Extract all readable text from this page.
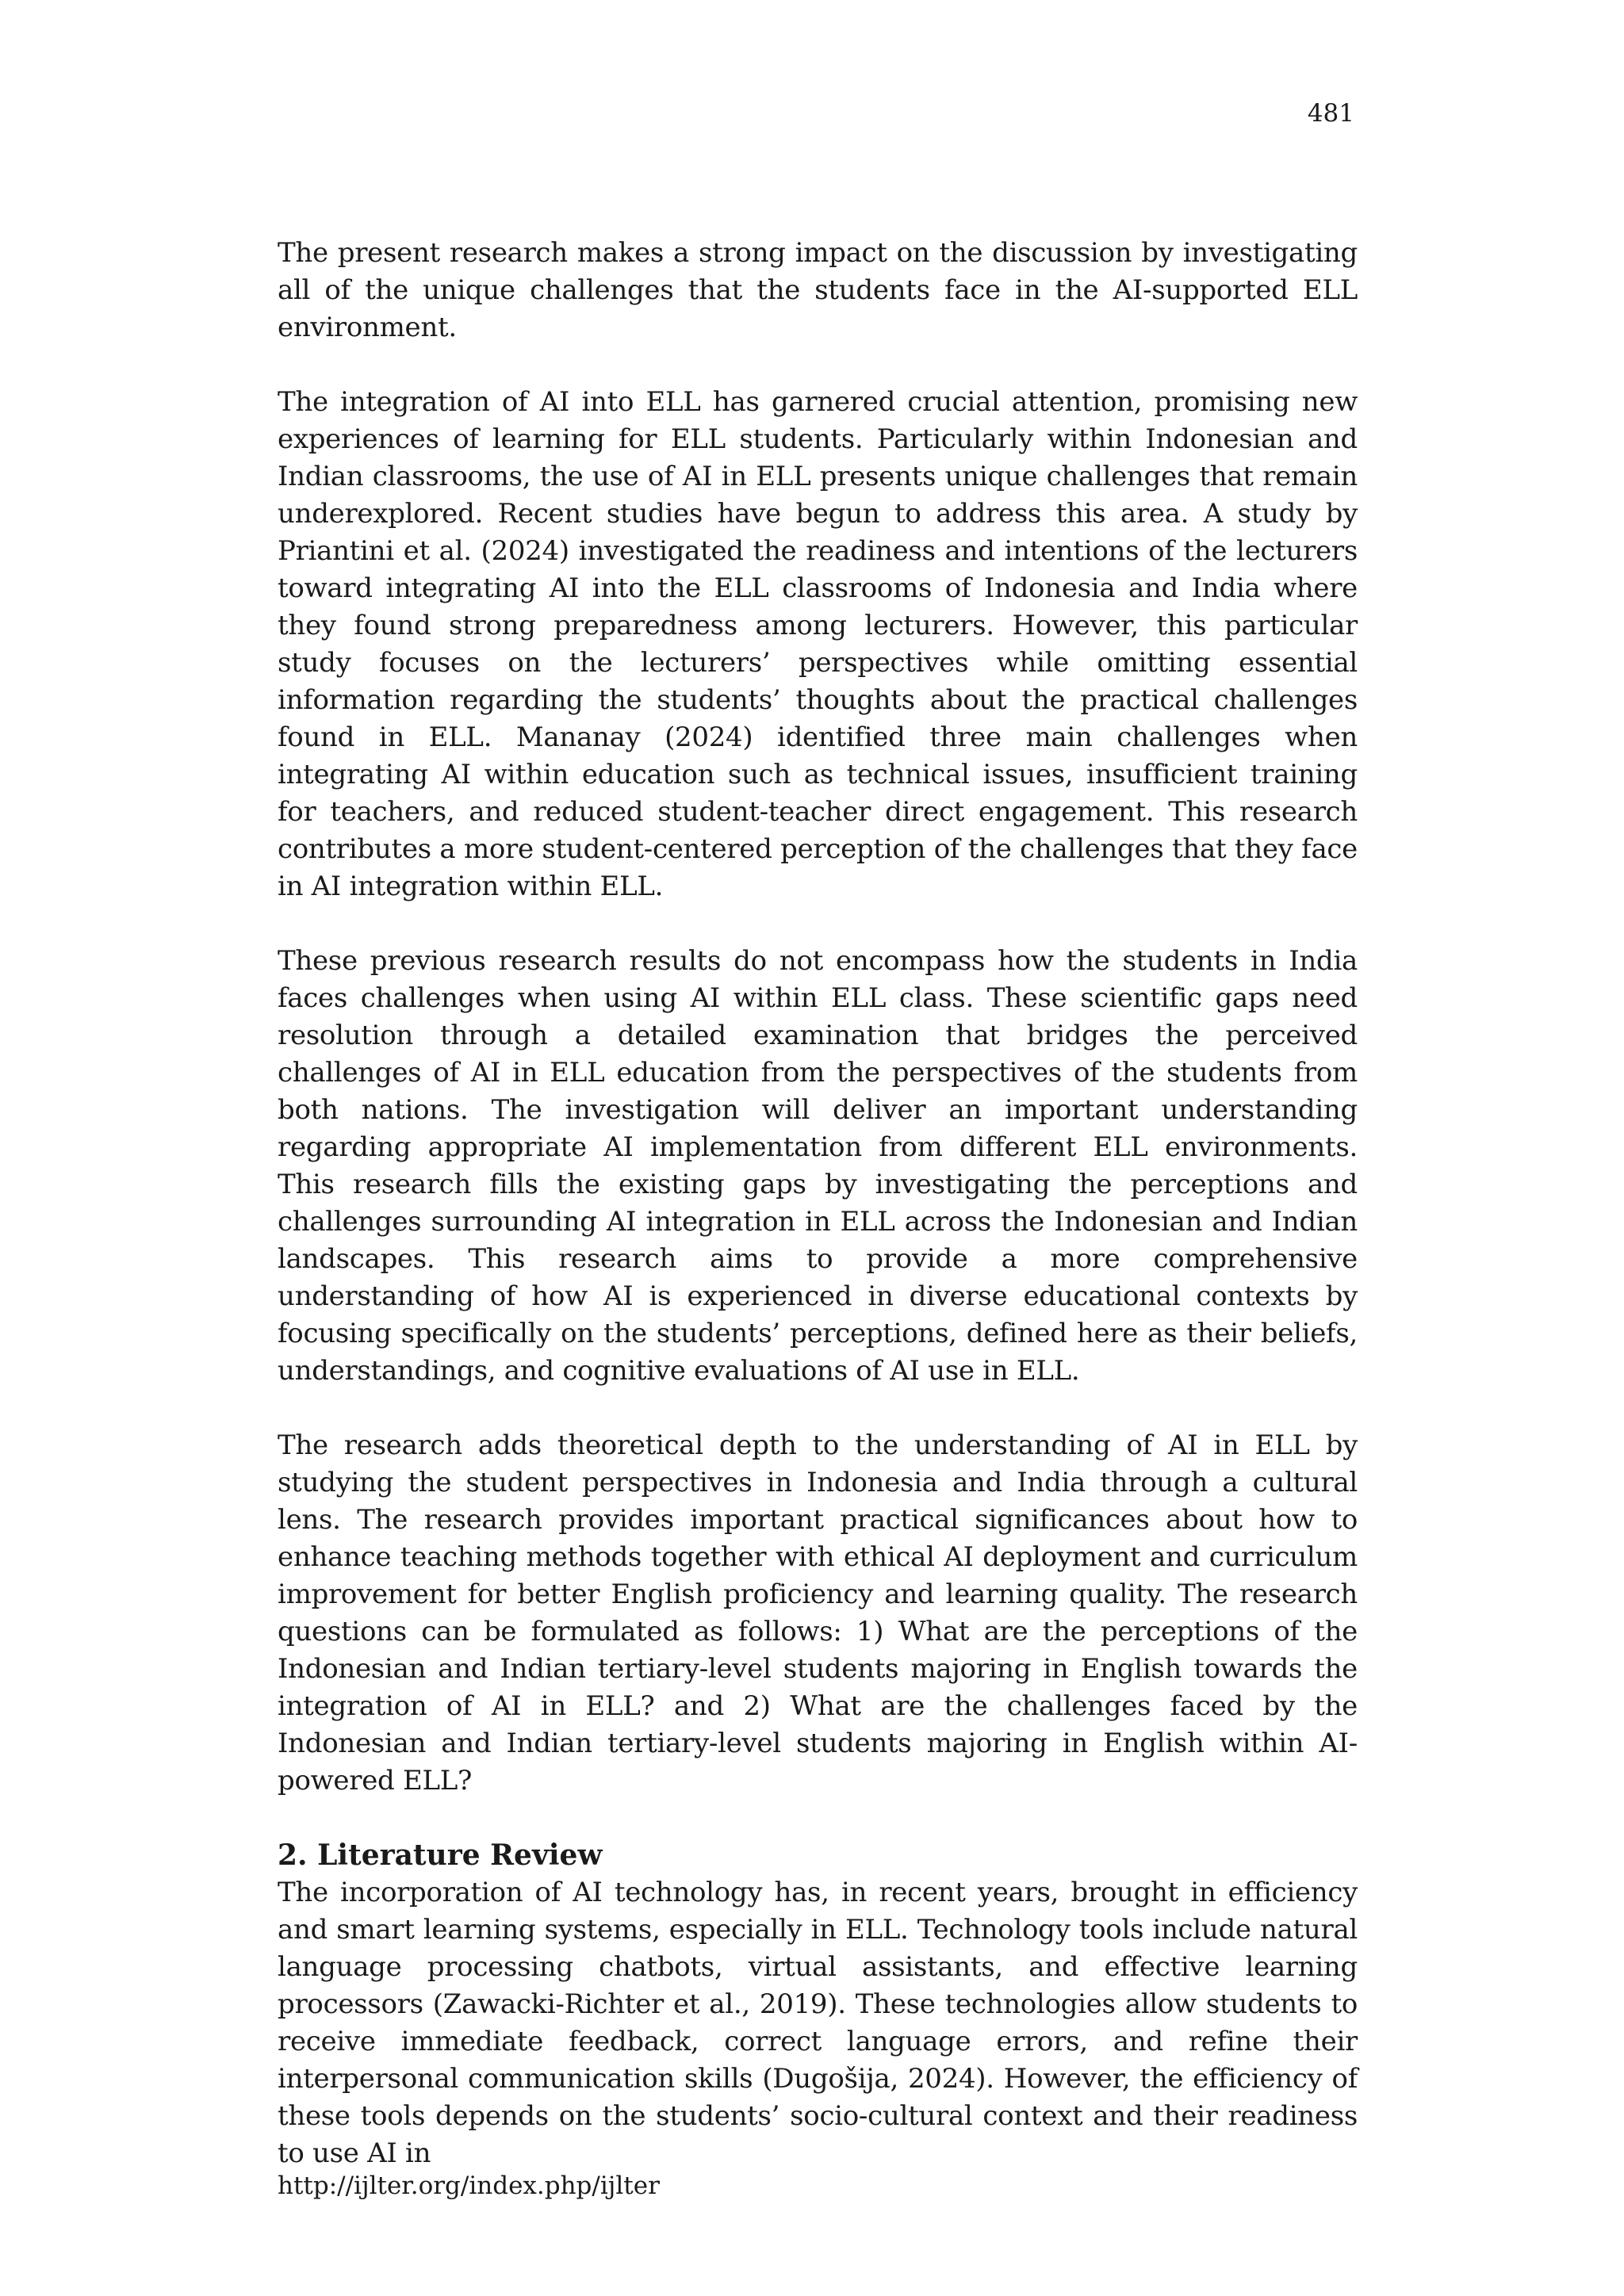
481

The present research makes a strong impact on the discussion by investigating all of the unique challenges that the students face in the AI-supported ELL environment.

The integration of AI into ELL has garnered crucial attention, promising new experiences of learning for ELL students. Particularly within Indonesian and Indian classrooms, the use of AI in ELL presents unique challenges that remain underexplored. Recent studies have begun to address this area. A study by Priantini et al. (2024) investigated the readiness and intentions of the lecturers toward integrating AI into the ELL classrooms of Indonesia and India where they found strong preparedness among lecturers. However, this particular study focuses on the lecturers’ perspectives while omitting essential information regarding the students’ thoughts about the practical challenges found in ELL. Mananay (2024) identified three main challenges when integrating AI within education such as technical issues, insufficient training for teachers, and reduced student-teacher direct engagement. This research contributes a more student-centered perception of the challenges that they face in AI integration within ELL.

These previous research results do not encompass how the students in India faces challenges when using AI within ELL class. These scientific gaps need resolution through a detailed examination that bridges the perceived challenges of AI in ELL education from the perspectives of the students from both nations. The investigation will deliver an important understanding regarding appropriate AI implementation from different ELL environments. This research fills the existing gaps by investigating the perceptions and challenges surrounding AI integration in ELL across the Indonesian and Indian landscapes. This research aims to provide a more comprehensive understanding of how AI is experienced in diverse educational contexts by focusing specifically on the students’ perceptions, defined here as their beliefs, understandings, and cognitive evaluations of AI use in ELL.

The research adds theoretical depth to the understanding of AI in ELL by studying the student perspectives in Indonesia and India through a cultural lens. The research provides important practical significances about how to enhance teaching methods together with ethical AI deployment and curriculum improvement for better English proficiency and learning quality. The research questions can be formulated as follows: 1) What are the perceptions of the Indonesian and Indian tertiary-level students majoring in English towards the integration of AI in ELL? and 2) What are the challenges faced by the Indonesian and Indian tertiary-level students majoring in English within AI-powered ELL?

2. Literature Review

The incorporation of AI technology has, in recent years, brought in efficiency and smart learning systems, especially in ELL. Technology tools include natural language processing chatbots, virtual assistants, and effective learning processors (Zawacki-Richter et al., 2019). These technologies allow students to receive immediate feedback, correct language errors, and refine their interpersonal communication skills (Dugošija, 2024). However, the efficiency of these tools depends on the students’ socio-cultural context and their readiness to use AI in

http://ijlter.org/index.php/ijlter
